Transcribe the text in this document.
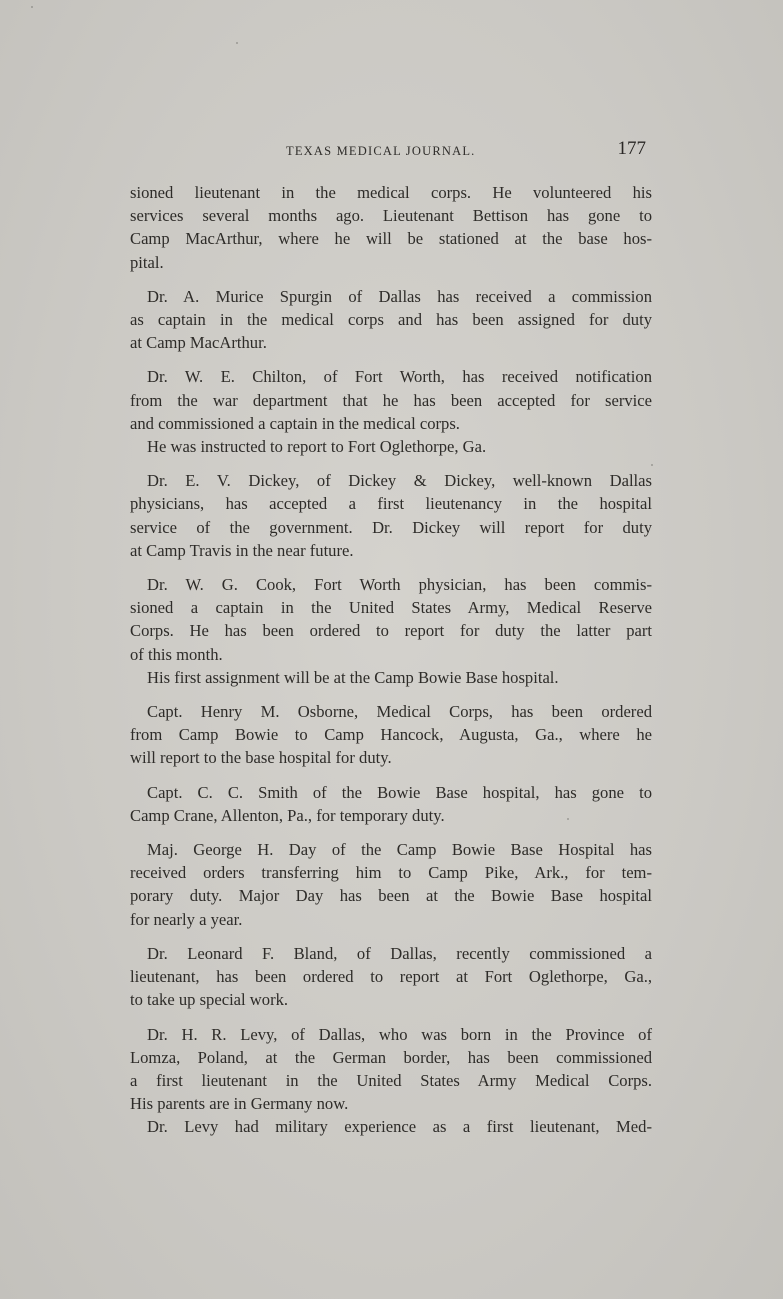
TEXAS MEDICAL JOURNAL.	177

sioned lieutenant in the medical corps. He volunteered his
services several months ago. Lieutenant Bettison has gone to
Camp MacArthur, where he will be stationed at the base hos-
pital.

Dr. A. Murice Spurgin of Dallas has received a commission
as captain in the medical corps and has been assigned for duty
at Camp MacArthur.

Dr. W. E. Chilton, of Fort Worth, has received notification
from the war department that he has been accepted for service
and commissioned a captain in the medical corps.

He was instructed to report to Fort Oglethorpe, Ga.

Dr. E. V. Dickey, of Dickey & Dickey, well-known Dallas
physicians, has accepted a first lieutenancy in the hospital
service of the government. Dr. Dickey will report for duty
at Camp Travis in the near future.

Dr. W. G. Cook, Fort Worth physician, has been commis-
sioned a captain in the United States Army, Medical Reserve
Corps. He has been ordered to report for duty the latter part
of this month.

His first assignment will be at the Camp Bowie Base hospital.

Capt. Henry M. Osborne, Medical Corps, has been ordered
from Camp Bowie to Camp Hancock, Augusta, Ga., where he
will report to the base hospital for duty.

Capt. C. C. Smith of the Bowie Base hospital, has gone to
Camp Crane, Allenton, Pa., for temporary duty.

Maj. George H. Day of the Camp Bowie Base Hospital has
received orders transferring him to Camp Pike, Ark., for tem-
porary duty. Major Day has been at the Bowie Base hospital
for nearly a year.

Dr. Leonard F. Bland, of Dallas, recently commissioned a
lieutenant, has been ordered to report at Fort Oglethorpe, Ga.,
to take up special work.

Dr. H. R. Levy, of Dallas, who was born in the Province of
Lomza, Poland, at the German border, has been commissioned
a first lieutenant in the United States Army Medical Corps.
His parents are in Germany now.

Dr. Levy had military experience as a first lieutenant, Med-
